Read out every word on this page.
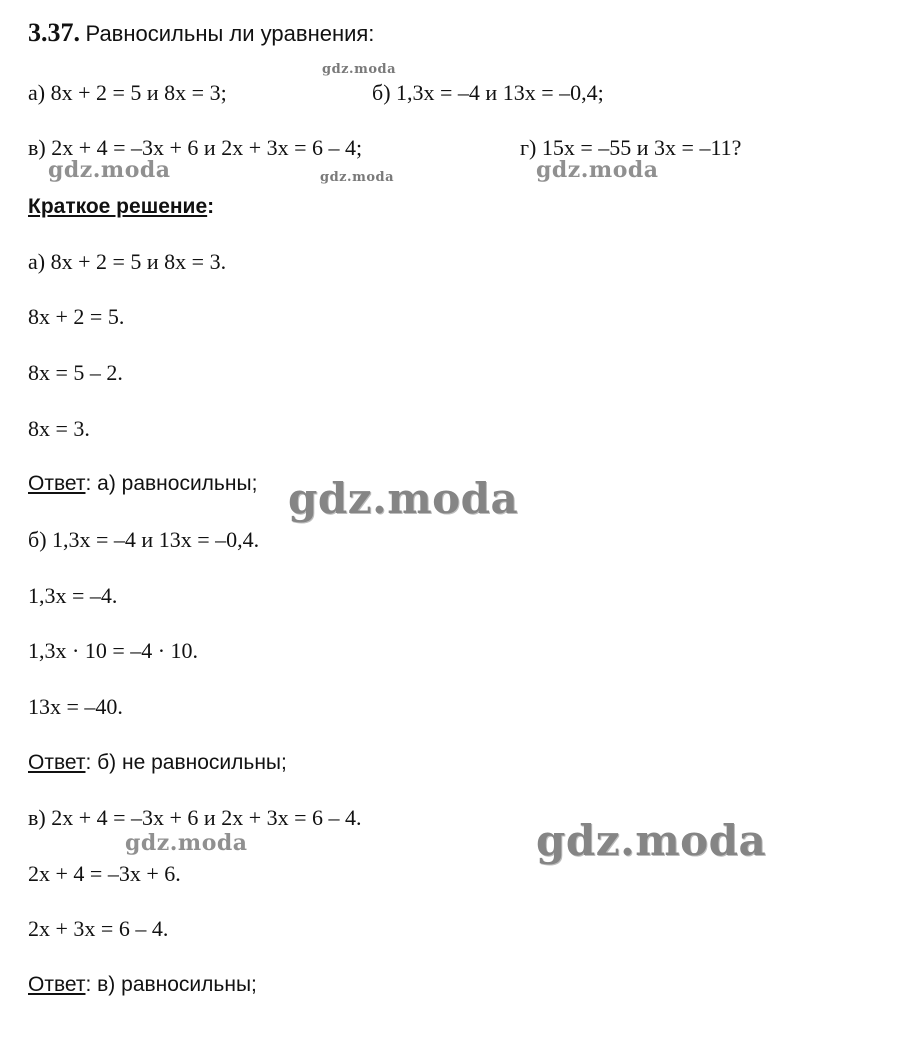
3.37. Равносильны ли уравнения:
а) 8x + 2 = 5 и 8x = 3;	б) 1,3x = –4 и 13x = –0,4;
в) 2x + 4 = –3x + 6 и 2x + 3x = 6 – 4;	г) 15x = –55 и 3x = –11?
Краткое решение:
а) 8x + 2 = 5 и 8x = 3.
8x + 2 = 5.
8x = 5 – 2.
8x = 3.
Ответ: а) равносильны;
б) 1,3x = –4 и 13x = –0,4.
1,3x = –4.
1,3x · 10 = –4 · 10.
13x = –40.
Ответ: б) не равносильны;
в) 2x + 4 = –3x + 6 и 2x + 3x = 6 – 4.
2x + 4 = –3x + 6.
2x + 3x = 6 – 4.
Ответ: в) равносильны;
gdz.moda
gdz.moda	gdz.moda	gdz.moda
gdz.moda
gdz.moda	gdz.moda
